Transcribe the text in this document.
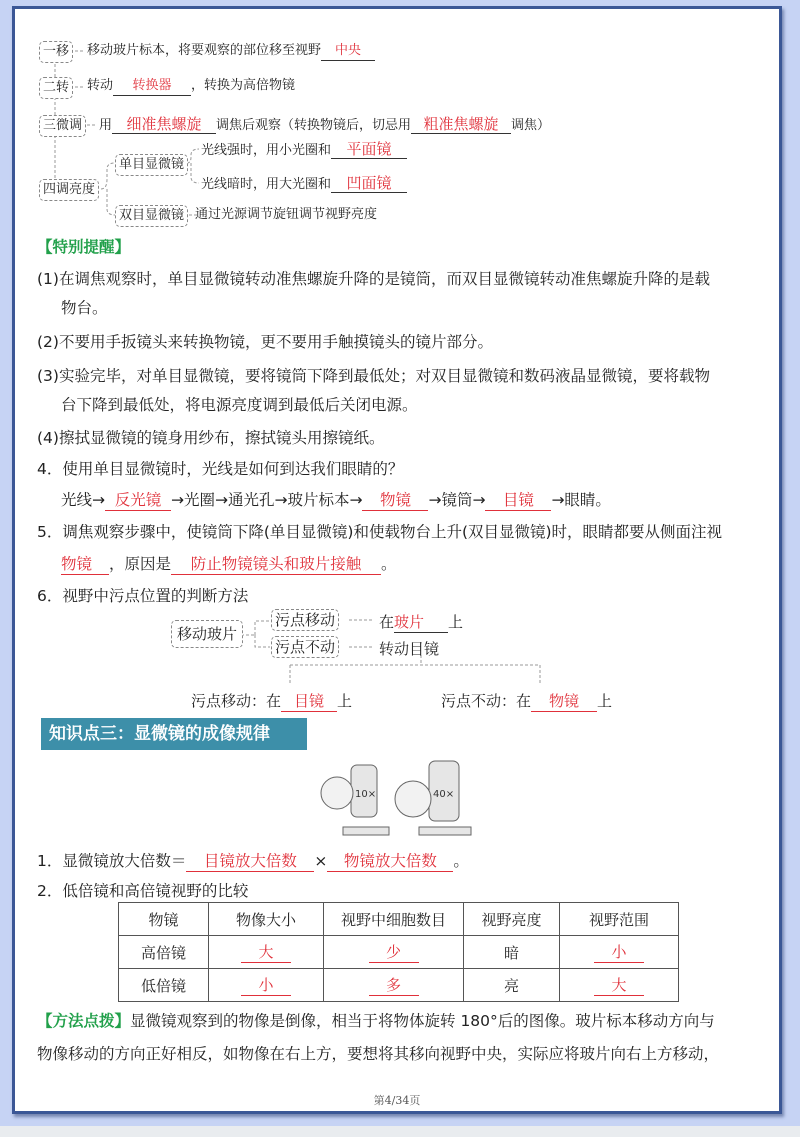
一移	移动玻片标本，将要观察的部位移至视野 中央
二转	转动 转换器 ，转换为高倍物镜
三微调	用 细准焦螺旋 调焦后观察（转换物镜后，切忌用 粗准焦螺旋 调焦）
四调亮度
单目显微镜
光线强时，用小光圈和 平面镜
光线暗时，用大光圈和 凹面镜
双目显微镜 通过光源调节旋钮调节视野亮度
【特别提醒】
(1)在调焦观察时，单目显微镜转动准焦螺旋升降的是镜筒，而双目显微镜转动准焦螺旋升降的是载
物台。
(2)不要用手扳镜头来转换物镜，更不要用手触摸镜头的镜片部分。
(3)实验完毕，对单目显微镜，要将镜筒下降到最低处；对双目显微镜和数码液晶显微镜，要将载物
台下降到最低处，将电源亮度调到最低后关闭电源。
(4)擦拭显微镜的镜身用纱布，擦拭镜头用擦镜纸。
4．使用单目显微镜时，光线是如何到达我们眼睛的？
光线→ 反光镜 →光圈→通光孔→玻片标本→ 物镜 →镜筒→ 目镜 →眼睛。
5．调焦观察步骤中，使镜筒下降(单目显微镜)和使载物台上升(双目显微镜)时，眼睛都要从侧面注视
物镜 ，原因是 防止物镜镜头和玻片接触 。
6．视野中污点位置的判断方法
移动玻片
污点移动
污点不动
在玻片 上
转动目镜
污点移动：在 目镜 上	污点不动：在 物镜 上
知识点三：显微镜的成像规律
10×	40×
1．显微镜放大倍数＝ 目镜放大倍数 × 物镜放大倍数 。
2．低倍镜和高倍镜视野的比较
物镜	物像大小	视野中细胞数目	视野亮度	视野范围
高倍镜	大	少	暗	小
低倍镜	小	多	亮	大
【方法点拨】显微镜观察到的物像是倒像，相当于将物体旋转 180°后的图像。玻片标本移动方向与
物像移动的方向正好相反，如物像在右上方，要想将其移向视野中央，实际应将玻片向右上方移动，
第4/34页
